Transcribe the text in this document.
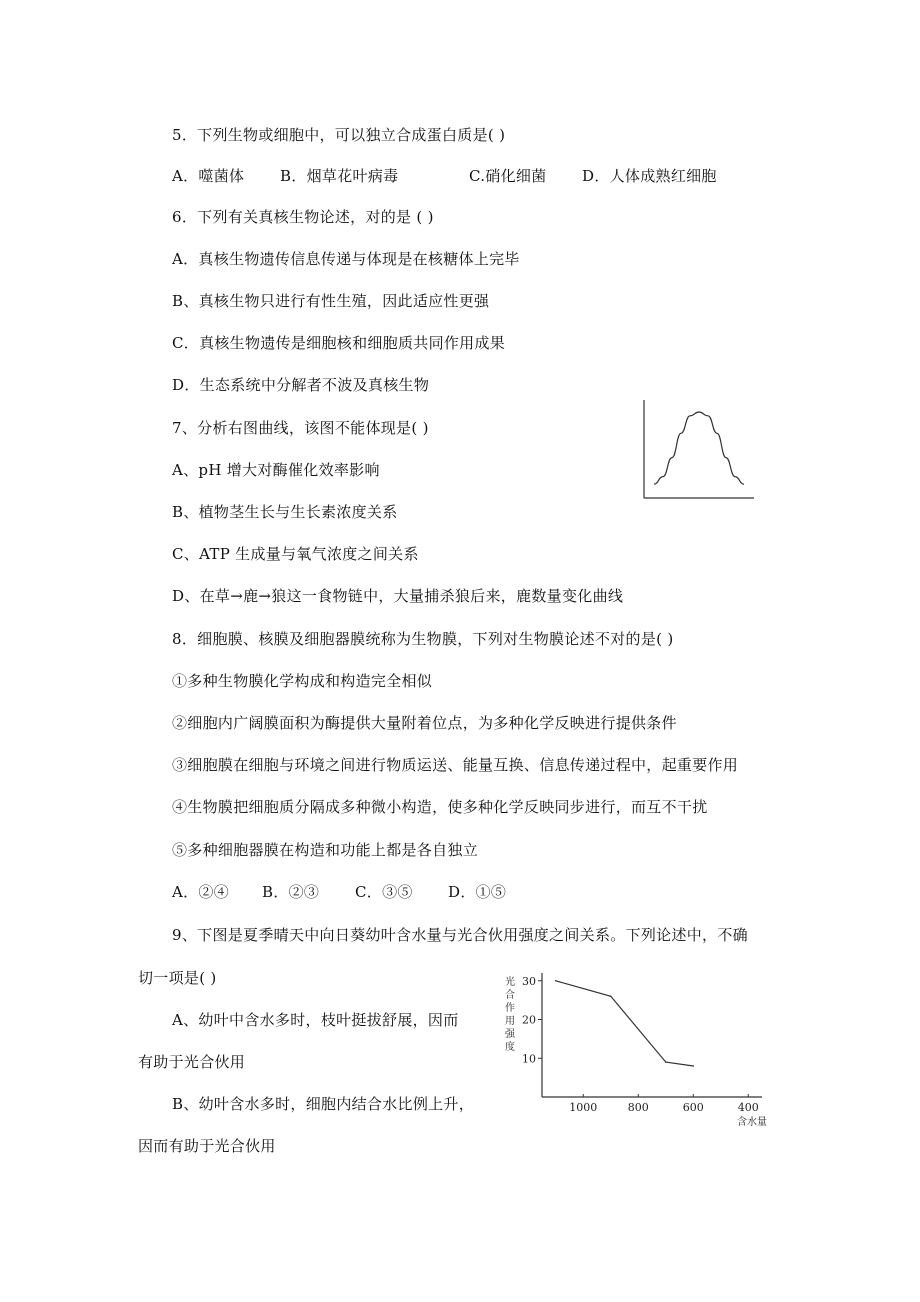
5．下列生物或细胞中，可以独立合成蛋白质是( )
A．噬菌体 B．烟草花叶病毒	C.硝化细菌 D．人体成熟红细胞
6．下列有关真核生物论述，对的是 ( )
A．真核生物遗传信息传递与体现是在核糖体上完毕
B、真核生物只进行有性生殖，因此适应性更强
C．真核生物遗传是细胞核和细胞质共同作用成果
D．生态系统中分解者不波及真核生物
7、分析右图曲线，该图不能体现是( )
A、pH 增大对酶催化效率影响
B、植物茎生长与生长素浓度关系
C、ATP 生成量与氧气浓度之间关系
D、在草→鹿→狼这一食物链中，大量捕杀狼后来，鹿数量变化曲线
8．细胞膜、核膜及细胞器膜统称为生物膜，下列对生物膜论述不对的是( )
①多种生物膜化学构成和构造完全相似
②细胞内广阔膜面积为酶提供大量附着位点，为多种化学反映进行提供条件
③细胞膜在细胞与环境之间进行物质运送、能量互换、信息传递过程中，起重要作用
④生物膜把细胞质分隔成多种微小构造，使多种化学反映同步进行，而互不干扰
⑤多种细胞器膜在构造和功能上都是各自独立
A．②④ B．②③ C．③⑤ D．①⑤
9、下图是夏季晴天中向日葵幼叶含水量与光合伙用强度之间关系。下列论述中，不确
切一项是( )
A、幼叶中含水多时，枝叶挺拔舒展，因而
有助于光合伙用
B、幼叶含水多时，细胞内结合水比例上升，
因而有助于光合伙用
30
20
10
1000	800	600	400
光
合
作
用
强
度
含水量
